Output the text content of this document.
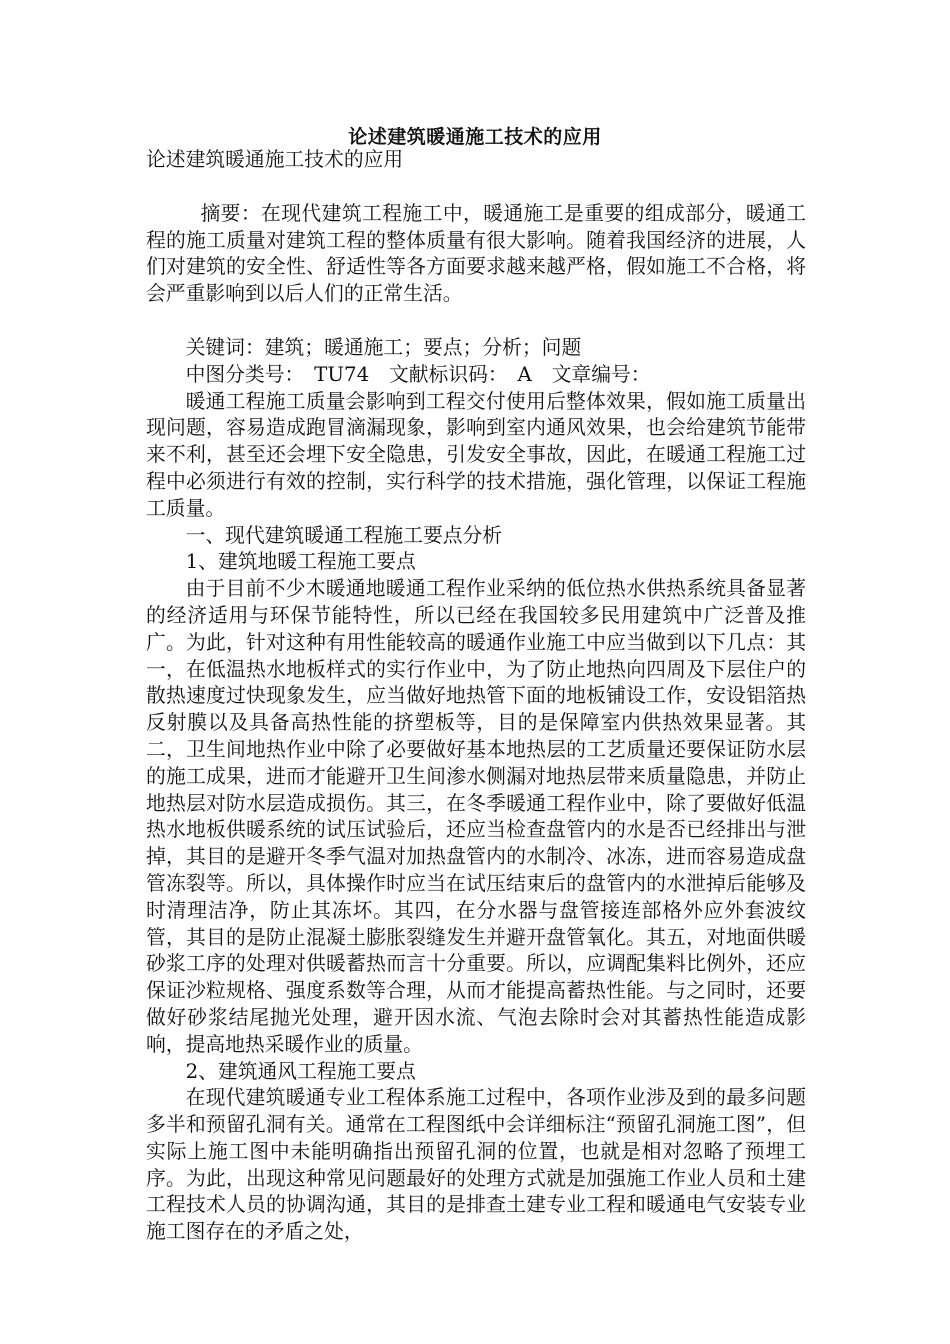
论述建筑暖通施工技术的应用

论述建筑暖通施工技术的应用

摘要：在现代建筑工程施工中，暖通施工是重要的组成部分，暖通工程的施工质量对建筑工程的整体质量有很大影响。随着我国经济的进展，人们对建筑的安全性、舒适性等各方面要求越来越严格，假如施工不合格，将会严重影响到以后人们的正常生活。

关键词：建筑；暖通施工；要点；分析；问题

中图分类号：　TU74　文献标识码：　A　文章编号：

暖通工程施工质量会影响到工程交付使用后整体效果，假如施工质量出现问题，容易造成跑冒滴漏现象，影响到室内通风效果，也会给建筑节能带来不利，甚至还会埋下安全隐患，引发安全事故，因此，在暖通工程施工过程中必须进行有效的控制，实行科学的技术措施，强化管理，以保证工程施工质量。

一、现代建筑暖通工程施工要点分析

1、建筑地暖工程施工要点

由于目前不少木暖通地暖通工程作业采纳的低位热水供热系统具备显著的经济适用与环保节能特性，所以已经在我国较多民用建筑中广泛普及推广。为此，针对这种有用性能较高的暖通作业施工中应当做到以下几点：其一，在低温热水地板样式的实行作业中，为了防止地热向四周及下层住户的散热速度过快现象发生，应当做好地热管下面的地板铺设工作，安设铝箔热反射膜以及具备高热性能的挤塑板等，目的是保障室内供热效果显著。其二，卫生间地热作业中除了必要做好基本地热层的工艺质量还要保证防水层的施工成果，进而才能避开卫生间渗水侧漏对地热层带来质量隐患，并防止地热层对防水层造成损伤。其三，在冬季暖通工程作业中，除了要做好低温热水地板供暖系统的试压试验后，还应当检查盘管内的水是否已经排出与泄掉，其目的是避开冬季气温对加热盘管内的水制冷、冰冻，进而容易造成盘管冻裂等。所以，具体操作时应当在试压结束后的盘管内的水泄掉后能够及时清理洁净，防止其冻坏。其四，在分水器与盘管接连部格外应外套波纹管，其目的是防止混凝土膨胀裂缝发生并避开盘管氧化。其五，对地面供暖砂浆工序的处理对供暖蓄热而言十分重要。所以，应调配集料比例外，还应保证沙粒规格、强度系数等合理，从而才能提高蓄热性能。与之同时，还要做好砂浆结尾抛光处理，避开因水流、气泡去除时会对其蓄热性能造成影响，提高地热采暖作业的质量。

2、建筑通风工程施工要点

在现代建筑暖通专业工程体系施工过程中，各项作业涉及到的最多问题多半和预留孔洞有关。通常在工程图纸中会详细标注“预留孔洞施工图”，但实际上施工图中未能明确指出预留孔洞的位置，也就是相对忽略了预埋工序。为此，出现这种常见问题最好的处理方式就是加强施工作业人员和土建工程技术人员的协调沟通，其目的是排查土建专业工程和暖通电气安装专业施工图存在的矛盾之处，
